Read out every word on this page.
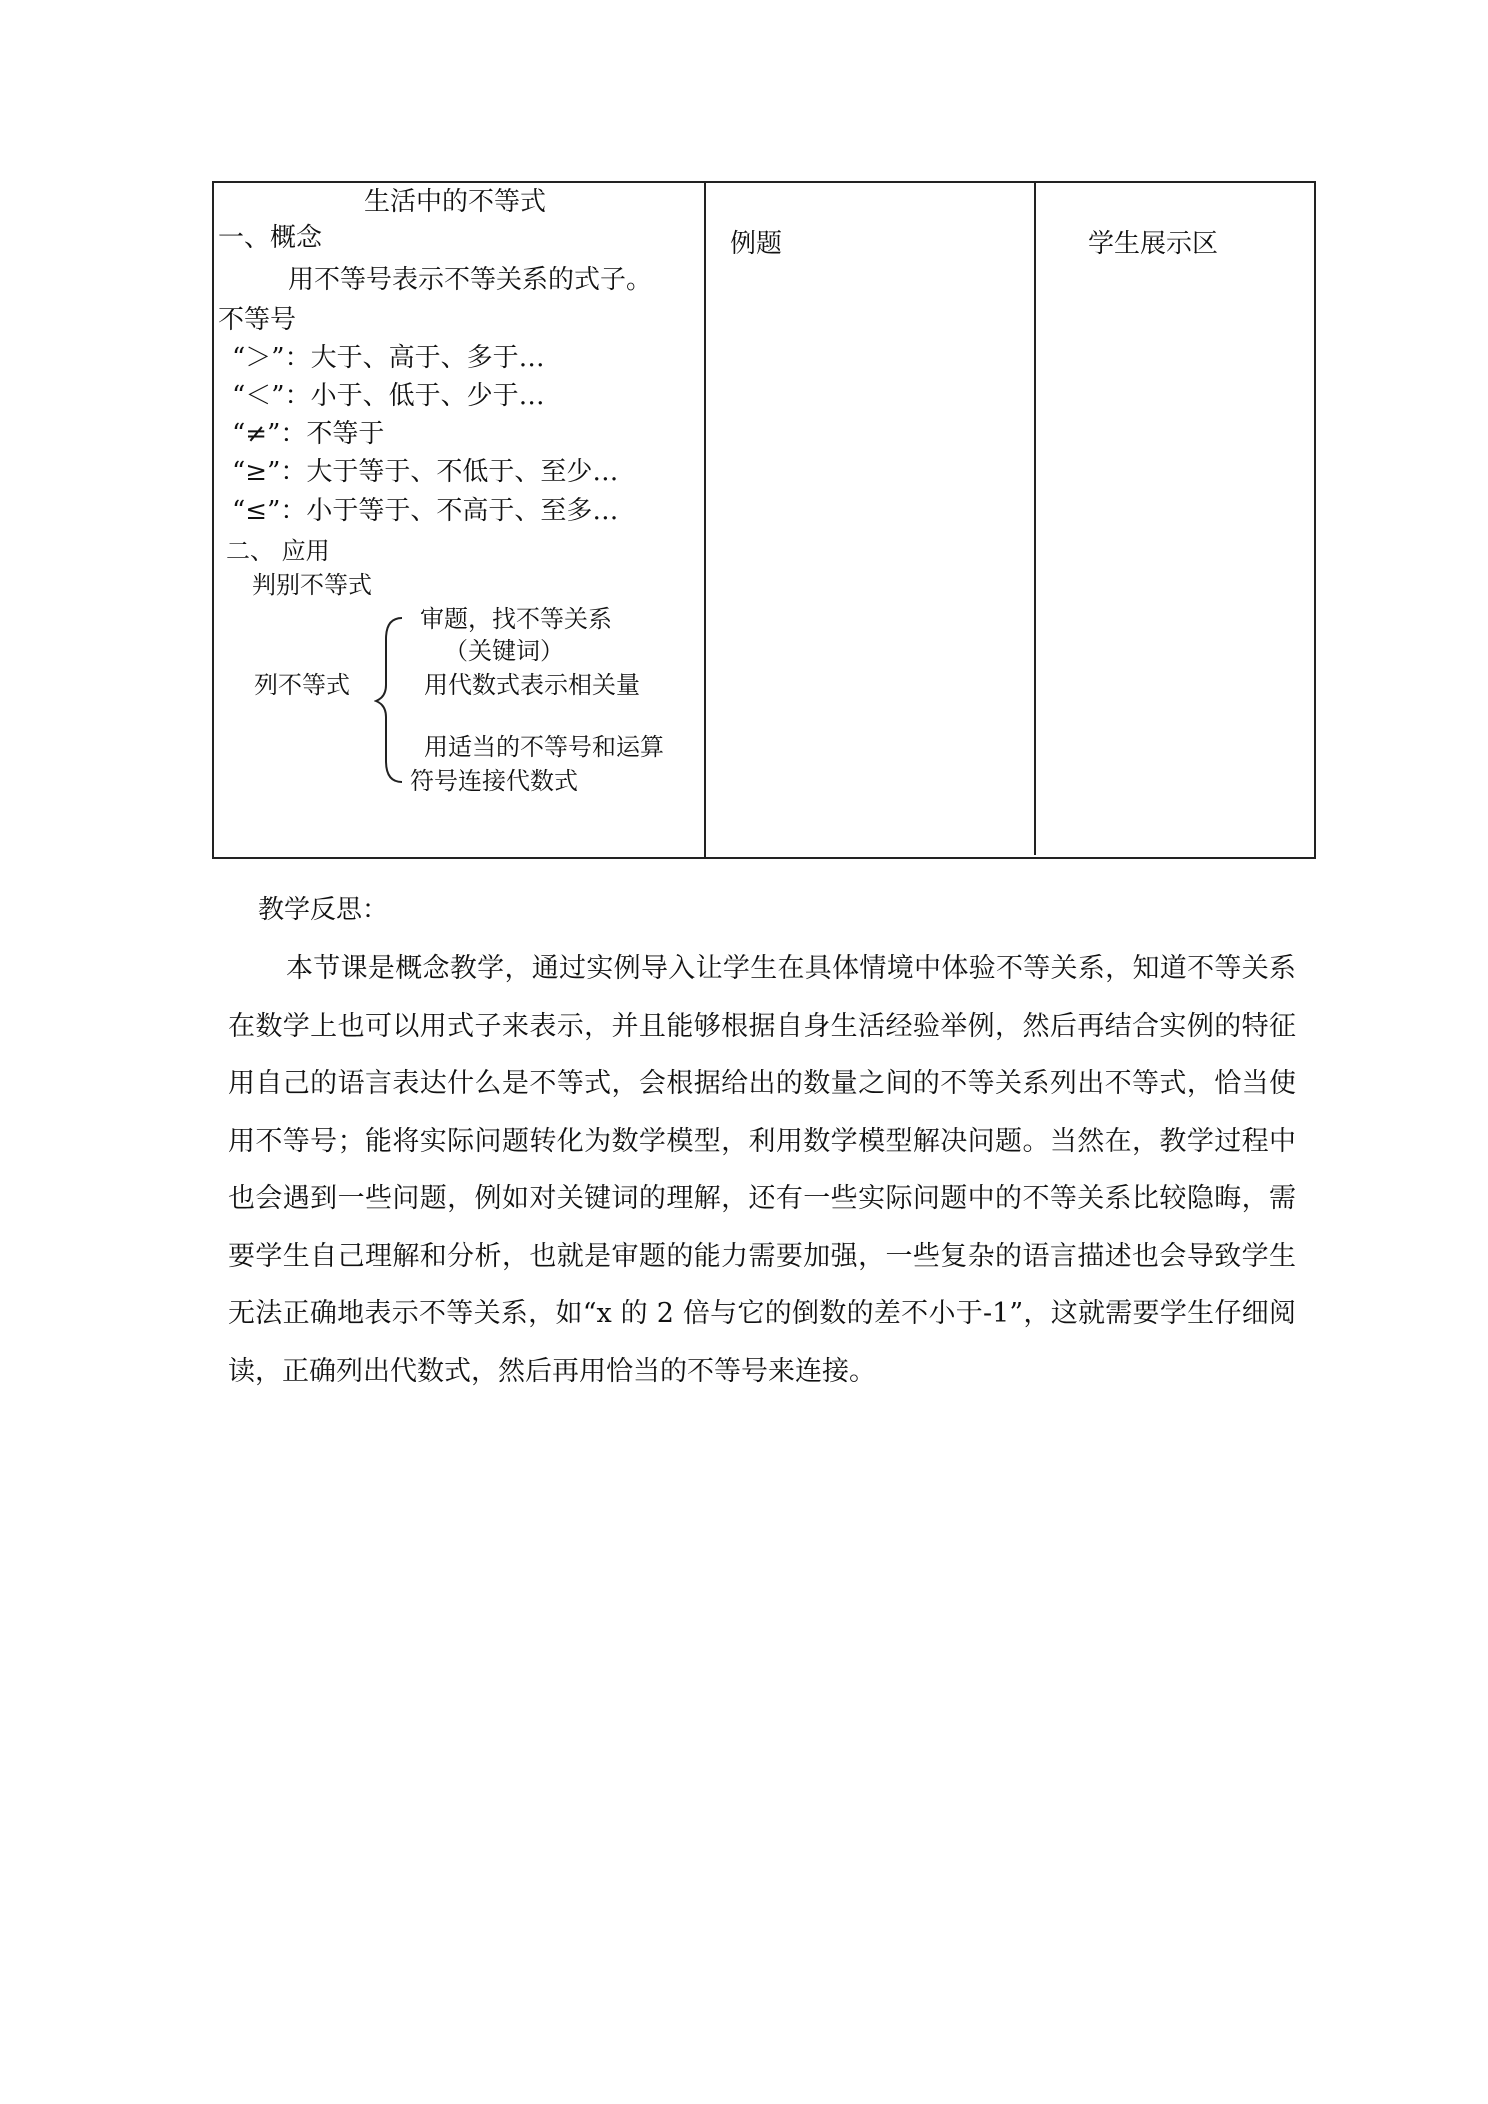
生活中的不等式
一、概念
用不等号表示不等关系的式子。
不等号
“＞”：大于、高于、多于…
“＜”：小于、低于、少于…
“≠”：不等于
“≥”：大于等于、不低于、至少…
“≤”：小于等于、不高于、至多…
二、 应用
判别不等式
列不等式
审题，找不等关系
（关键词）
用代数式表示相关量
用适当的不等号和运算
符号连接代数式
例题	学生展示区
教学反思：

本节课是概念教学，通过实例导入让学生在具体情境中体验不等关系，知道不等关系在数学上也可以用式子来表示，并且能够根据自身生活经验举例，然后再结合实例的特征用自己的语言表达什么是不等式，会根据给出的数量之间的不等关系列出不等式，恰当使用不等号；能将实际问题转化为数学模型，利用数学模型解决问题。当然在，教学过程中也会遇到一些问题，例如对关键词的理解，还有一些实际问题中的不等关系比较隐晦，需要学生自己理解和分析，也就是审题的能力需要加强，一些复杂的语言描述也会导致学生无法正确地表示不等关系，如“x 的 2 倍与它的倒数的差不小于-1”，这就需要学生仔细阅读，正确列出代数式，然后再用恰当的不等号来连接。
